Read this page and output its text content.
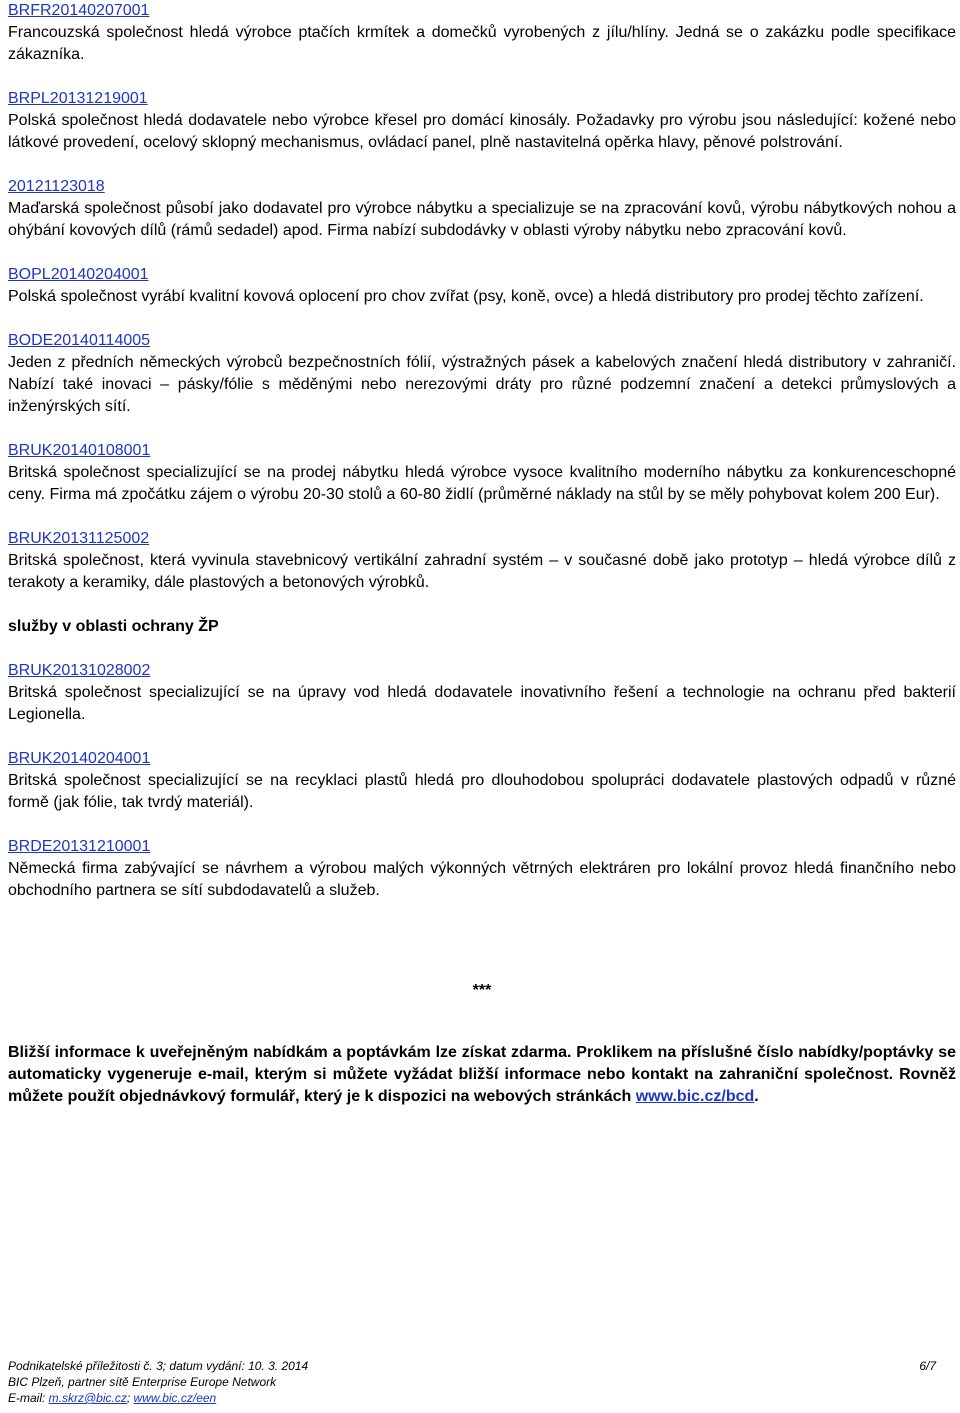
BRFR20140207001

Francouzská společnost hledá výrobce ptačích krmítek a domečků vyrobených z jílu/hlíny. Jedná se o zakázku podle specifikace zákazníka.

BRPL20131219001

Polská společnost hledá dodavatele nebo výrobce křesel pro domácí kinosály. Požadavky pro výrobu jsou následující: kožené nebo látkové provedení, ocelový sklopný mechanismus, ovládací panel, plně nastavitelná opěrka hlavy, pěnové polstrování.

20121123018

Maďarská společnost působí jako dodavatel pro výrobce nábytku a specializuje se na zpracování kovů, výrobu nábytkových nohou a ohýbání kovových dílů (rámů sedadel) apod. Firma nabízí subdodávky v oblasti výroby nábytku nebo zpracování kovů.

BOPL20140204001

Polská společnost vyrábí kvalitní kovová oplocení pro chov zvířat (psy, koně, ovce) a hledá distributory pro prodej těchto zařízení.

BODE20140114005

Jeden z předních německých výrobců bezpečnostních fólií, výstražných pásek a kabelových značení hledá distributory v zahraničí. Nabízí také inovaci – pásky/fólie s měděnými nebo nerezovými dráty pro různé podzemní značení a detekci průmyslových a inženýrských sítí.

BRUK20140108001

Britská společnost specializující se na prodej nábytku hledá výrobce vysoce kvalitního moderního nábytku za konkurenceschopné ceny. Firma má zpočátku zájem o výrobu 20-30 stolů a 60-80 židlí (průměrné náklady na stůl by se měly pohybovat kolem 200 Eur).

BRUK20131125002

Britská společnost, která vyvinula stavebnicový vertikální zahradní systém – v současné době jako prototyp – hledá výrobce dílů z terakoty a keramiky, dále plastových a betonových výrobků.

služby v oblasti ochrany ŽP
BRUK20131028002

Britská společnost specializující se na úpravy vod hledá dodavatele inovativního řešení a technologie na ochranu před bakterií Legionella.

BRUK20140204001

Britská společnost specializující se na recyklaci plastů hledá pro dlouhodobou spolupráci dodavatele plastových odpadů v různé formě (jak fólie, tak tvrdý materiál).

BRDE20131210001

Německá firma zabývající se návrhem a výrobou malých výkonných větrných elektráren pro lokální provoz hledá finančního nebo obchodního partnera se sítí subdodavatelů a služeb.

***

Bližší informace k uveřejněným nabídkám a poptávkám lze získat zdarma. Proklikem na příslušné číslo nabídky/poptávky se automaticky vygeneruje e-mail, kterým si můžete vyžádat bližší informace nebo kontakt na zahraniční společnost. Rovněž můžete použít objednávkový formulář, který je k dispozici na webových stránkách www.bic.cz/bcd.

Podnikatelské příležitosti č. 3; datum vydání: 10. 3. 2014	6/7
BIC Plzeň, partner sítě Enterprise Europe Network
E-mail: m.skrz@bic.cz; www.bic.cz/een
